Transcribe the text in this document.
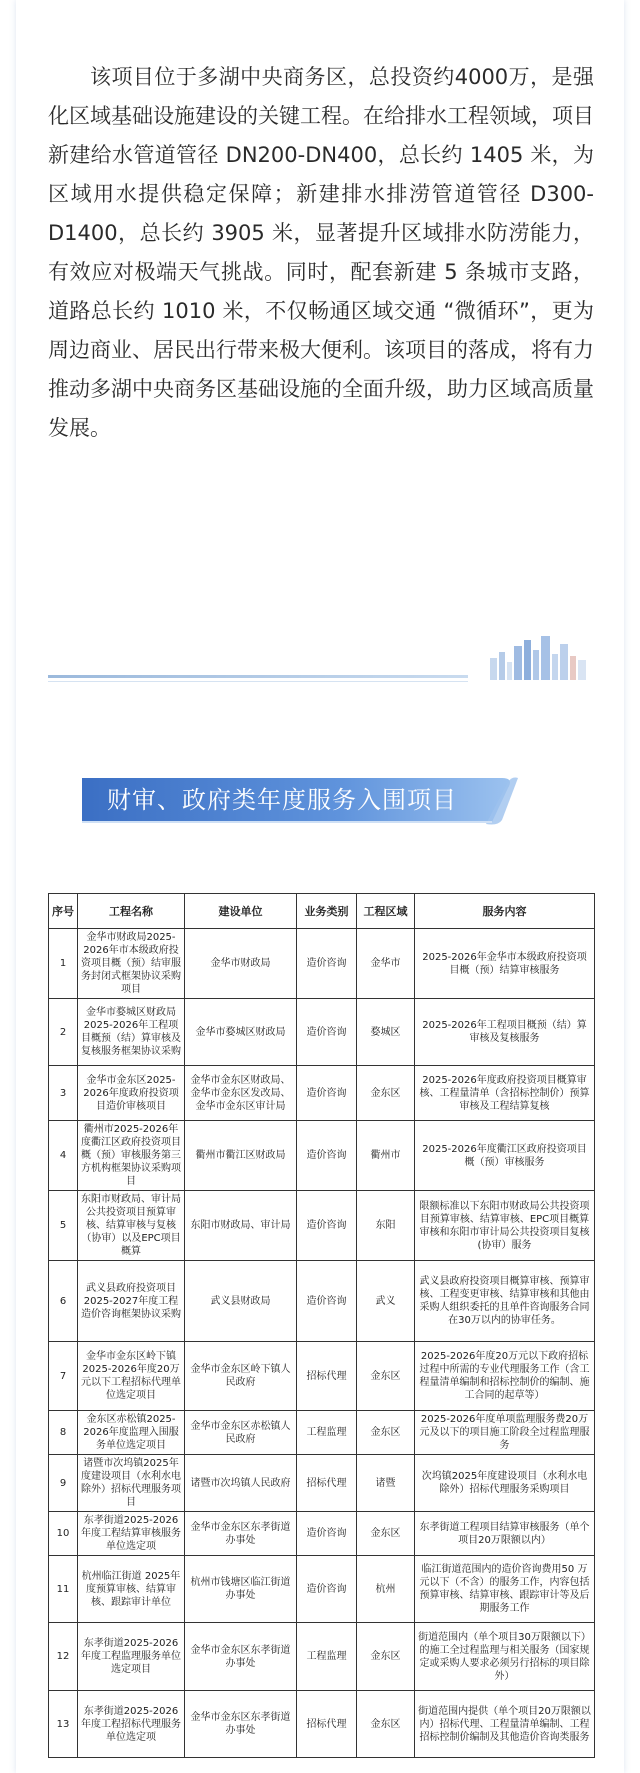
该项目位于多湖中央商务区，总投资约4000万，是强化区域基础设施建设的关键工程。在给排水工程领域，项目新建给水管道管径 DN200-DN400，总长约 1405 米，为区域用水提供稳定保障；新建排水排涝管道管径 D300-D1400，总长约 3905 米，显著提升区域排水防涝能力，有效应对极端天气挑战。同时，配套新建 5 条城市支路，道路总长约 1010 米，不仅畅通区域交通 “微循环”，更为周边商业、居民出行带来极大便利。该项目的落成，将有力推动多湖中央商务区基础设施的全面升级，助力区域高质量发展。

财审、政府类年度服务入围项目
序号	工程名称	建设单位	业务类别	工程区域	服务内容
1	金华市财政局2025-2026年市本级政府投资项目概（预）结审服务封闭式框架协议采购项目	金华市财政局	造价咨询	金华市	2025-2026年金华市本级政府投资项目概（预）结算审核服务
2	金华市婺城区财政局2025-2026年工程项目概预（结）算审核及复核服务框架协议采购	金华市婺城区财政局	造价咨询	婺城区	2025-2026年工程项目概预（结）算审核及复核服务
3	金华市金东区2025-2026年度政府投资项目造价审核项目	金华市金东区财政局、金华市金东区发改局、金华市金东区审计局	造价咨询	金东区	2025-2026年度政府投资项目概算审核、工程量清单（含招标控制价）预算审核及工程结算复核
4	衢州市2025-2026年度衢江区政府投资项目概（预）审核服务第三方机构框架协议采购项目	衢州市衢江区财政局	造价咨询	衢州市	2025-2026年度衢江区政府投资项目概（预）审核服务
5	东阳市财政局、审计局公共投资项目预算审核、结算审核与复核（协审）以及EPC项目概算	东阳市财政局、审计局	造价咨询	东阳	限额标准以下东阳市财政局公共投资项目预算审核、结算审核、EPC项目概算审核和东阳市审计局公共投资项目复核(协审）服务
6	武义县政府投资项目2025-2027年度工程造价咨询框架协议采购	武义县财政局	造价咨询	武义	武义县政府投资项目概算审核、预算审核、工程变更审核、结算审核和其他由采购人组织委托的且单件咨询服务合同在30万以内的协审任务。
7	金华市金东区岭下镇2025-2026年度20万元以下工程招标代理单位选定项目	金华市金东区岭下镇人民政府	招标代理	金东区	2025-2026年度20万元以下政府招标过程中所需的专业代理服务工作（含工程量清单编制和招标控制价的编制、施工合同的起草等）
8	金东区赤松镇2025-2026年度监理入围服务单位选定项目	金华市金东区赤松镇人民政府	工程监理	金东区	2025-2026年度单项监理服务费20万元及以下的项目施工阶段全过程监理服务
9	诸暨市次坞镇2025年度建设项目（水利水电除外）招标代理服务项目	诸暨市次坞镇人民政府	招标代理	诸暨	次坞镇2025年度建设项目（水利水电除外）招标代理服务采购项目
10	东孝街道2025-2026年度工程结算审核服务单位选定项	金华市金东区东孝街道办事处	造价咨询	金东区	东孝街道工程项目结算审核服务（单个项目20万限额以内）
11	杭州临江街道 2025年度预算审核、结算审核、跟踪审计单位	杭州市钱塘区临江街道办事处	造价咨询	杭州	临江街道范围内的造价咨询费用50 万元以下（不含）的服务工作，内容包括预算审核、结算审核、跟踪审计等及后期服务工作
12	东孝街道2025-2026年度工程监理服务单位选定项目	金华市金东区东孝街道办事处	工程监理	金东区	街道范围内（单个项目30万限额以下）的施工全过程监理与相关服务（国家规定或采购人要求必须另行招标的项目除外）
13	东孝街道2025-2026年度工程招标代理服务单位选定项	金华市金东区东孝街道办事处	招标代理	金东区	街道范围内提供（单个项目20万限额以内）招标代理、工程量清单编制、工程招标控制价编制及其他造价咨询类服务
